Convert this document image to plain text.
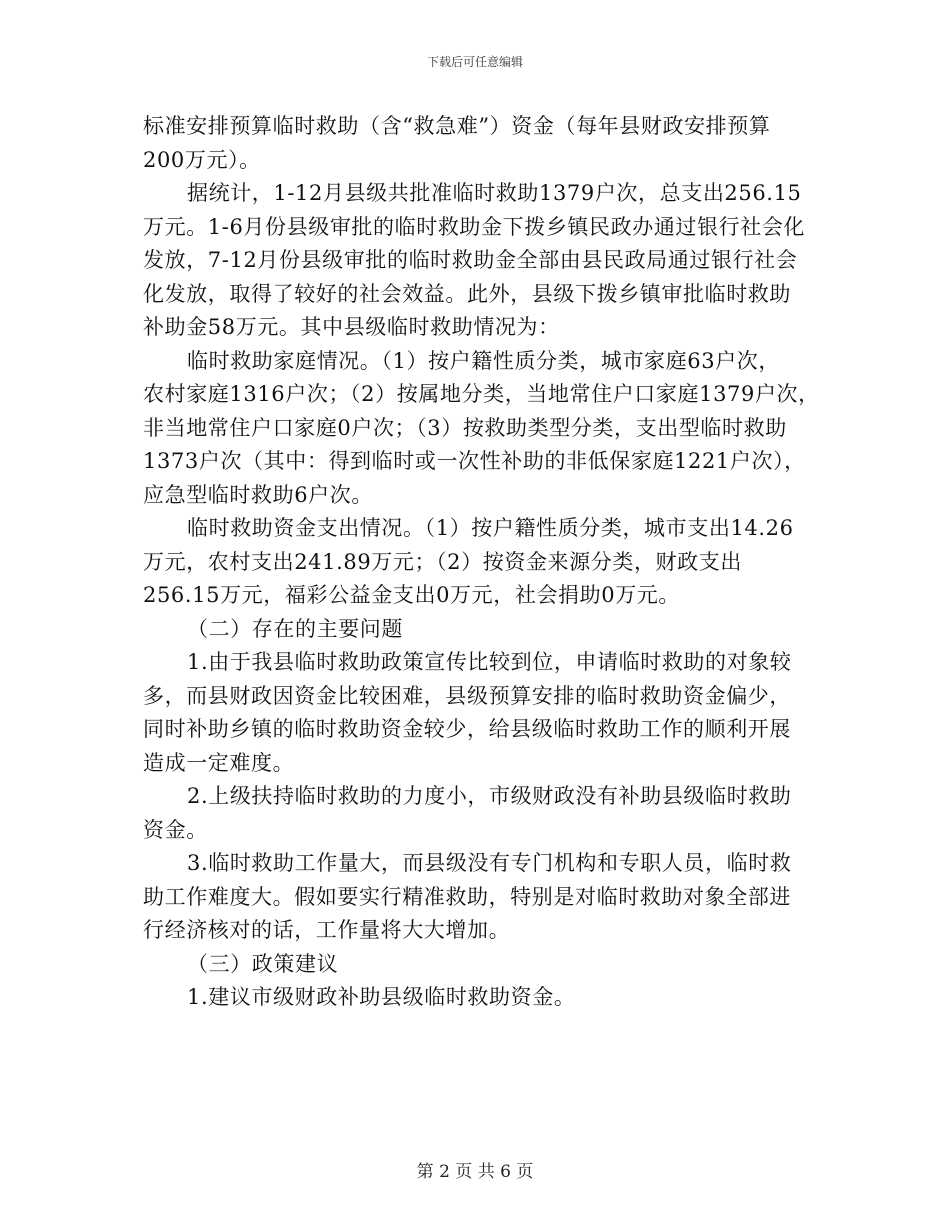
下载后可任意编辑
标准安排预算临时救助（含“救急难”）资金（每年县财政安排预算
200万元）。
据统计，1-12月县级共批准临时救助1379户次，总支出256.15
万元。1-6月份县级审批的临时救助金下拨乡镇民政办通过银行社会化
发放，7-12月份县级审批的临时救助金全部由县民政局通过银行社会
化发放，取得了较好的社会效益。此外，县级下拨乡镇审批临时救助
补助金58万元。其中县级临时救助情况为：
临时救助家庭情况。（1）按户籍性质分类，城市家庭63户次，
农村家庭1316户次；（2）按属地分类，当地常住户口家庭1379户次，
非当地常住户口家庭0户次；（3）按救助类型分类，支出型临时救助
1373户次（其中：得到临时或一次性补助的非低保家庭1221户次），
应急型临时救助6户次。
临时救助资金支出情况。（1）按户籍性质分类，城市支出14.26
万元，农村支出241.89万元；（2）按资金来源分类，财政支出
256.15万元，福彩公益金支出0万元，社会捐助0万元。
（二）存在的主要问题
1.由于我县临时救助政策宣传比较到位，申请临时救助的对象较
多，而县财政因资金比较困难，县级预算安排的临时救助资金偏少，
同时补助乡镇的临时救助资金较少，给县级临时救助工作的顺利开展
造成一定难度。
2.上级扶持临时救助的力度小，市级财政没有补助县级临时救助
资金。
3.临时救助工作量大，而县级没有专门机构和专职人员，临时救
助工作难度大。假如要实行精准救助，特别是对临时救助对象全部进
行经济核对的话，工作量将大大增加。
（三）政策建议
1.建议市级财政补助县级临时救助资金。
第 2 页 共 6 页
